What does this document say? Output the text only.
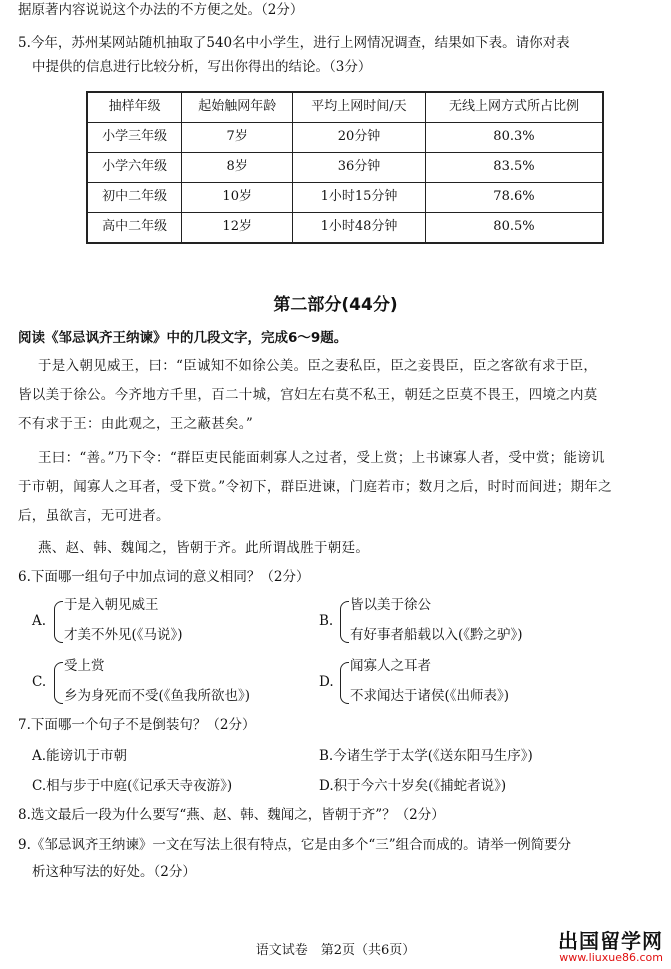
据原著内容说说这个办法的不方便之处。（2分）
5.今年，苏州某网站随机抽取了540名中小学生，进行上网情况调查，结果如下表。请你对表
中提供的信息进行比较分析，写出你得出的结论。（3分）
抽样年级	起始触网年龄	平均上网时间/天	无线上网方式所占比例
小学三年级	7岁	20分钟	80.3%
小学六年级	8岁	36分钟	83.5%
初中二年级	10岁	1小时15分钟	78.6%
高中二年级	12岁	1小时48分钟	80.5%
第二部分(44分)
阅读《邹忌讽齐王纳谏》中的几段文字，完成6～9题。
于是入朝见威王，曰：“臣诚知不如徐公美。臣之妻私臣，臣之妾畏臣，臣之客欲有求于臣，
皆以美于徐公。今齐地方千里，百二十城，宫妇左右莫不私王，朝廷之臣莫不畏王，四境之内莫
不有求于王：由此观之，王之蔽甚矣。”
王曰：“善。”乃下令：“群臣吏民能面刺寡人之过者，受上赏；上书谏寡人者，受中赏；能谤讥
于市朝，闻寡人之耳者，受下赏。”令初下，群臣进谏，门庭若市；数月之后，时时而间进；期年之
后，虽欲言，无可进者。
燕、赵、韩、魏闻之，皆朝于齐。此所谓战胜于朝廷。
6.下面哪一组句子中加点词的意义相同？（2分）
A.
于是入朝见威王
才美不外见(《马说》)
B.
皆以美于徐公
有好事者船载以入(《黔之驴》)
C.
受上赏
乡为身死而不受(《鱼我所欲也》)
D.
闻寡人之耳者
不求闻达于诸侯(《出师表》)
7.下面哪一个句子不是倒装句？（2分）
A.能谤讥于市朝	B.今诸生学于太学(《送东阳马生序》)
C.相与步于中庭(《记承天寺夜游》)	D.积于今六十岁矣(《捕蛇者说》)
8.选文最后一段为什么要写“燕、赵、韩、魏闻之，皆朝于齐”？（2分）
9.《邹忌讽齐王纳谏》一文在写法上很有特点，它是由多个“三”组合而成的。请举一例简要分
析这种写法的好处。（2分）
语文试卷　第2页（共6页）	出国留学网
www.liuxue86.com
